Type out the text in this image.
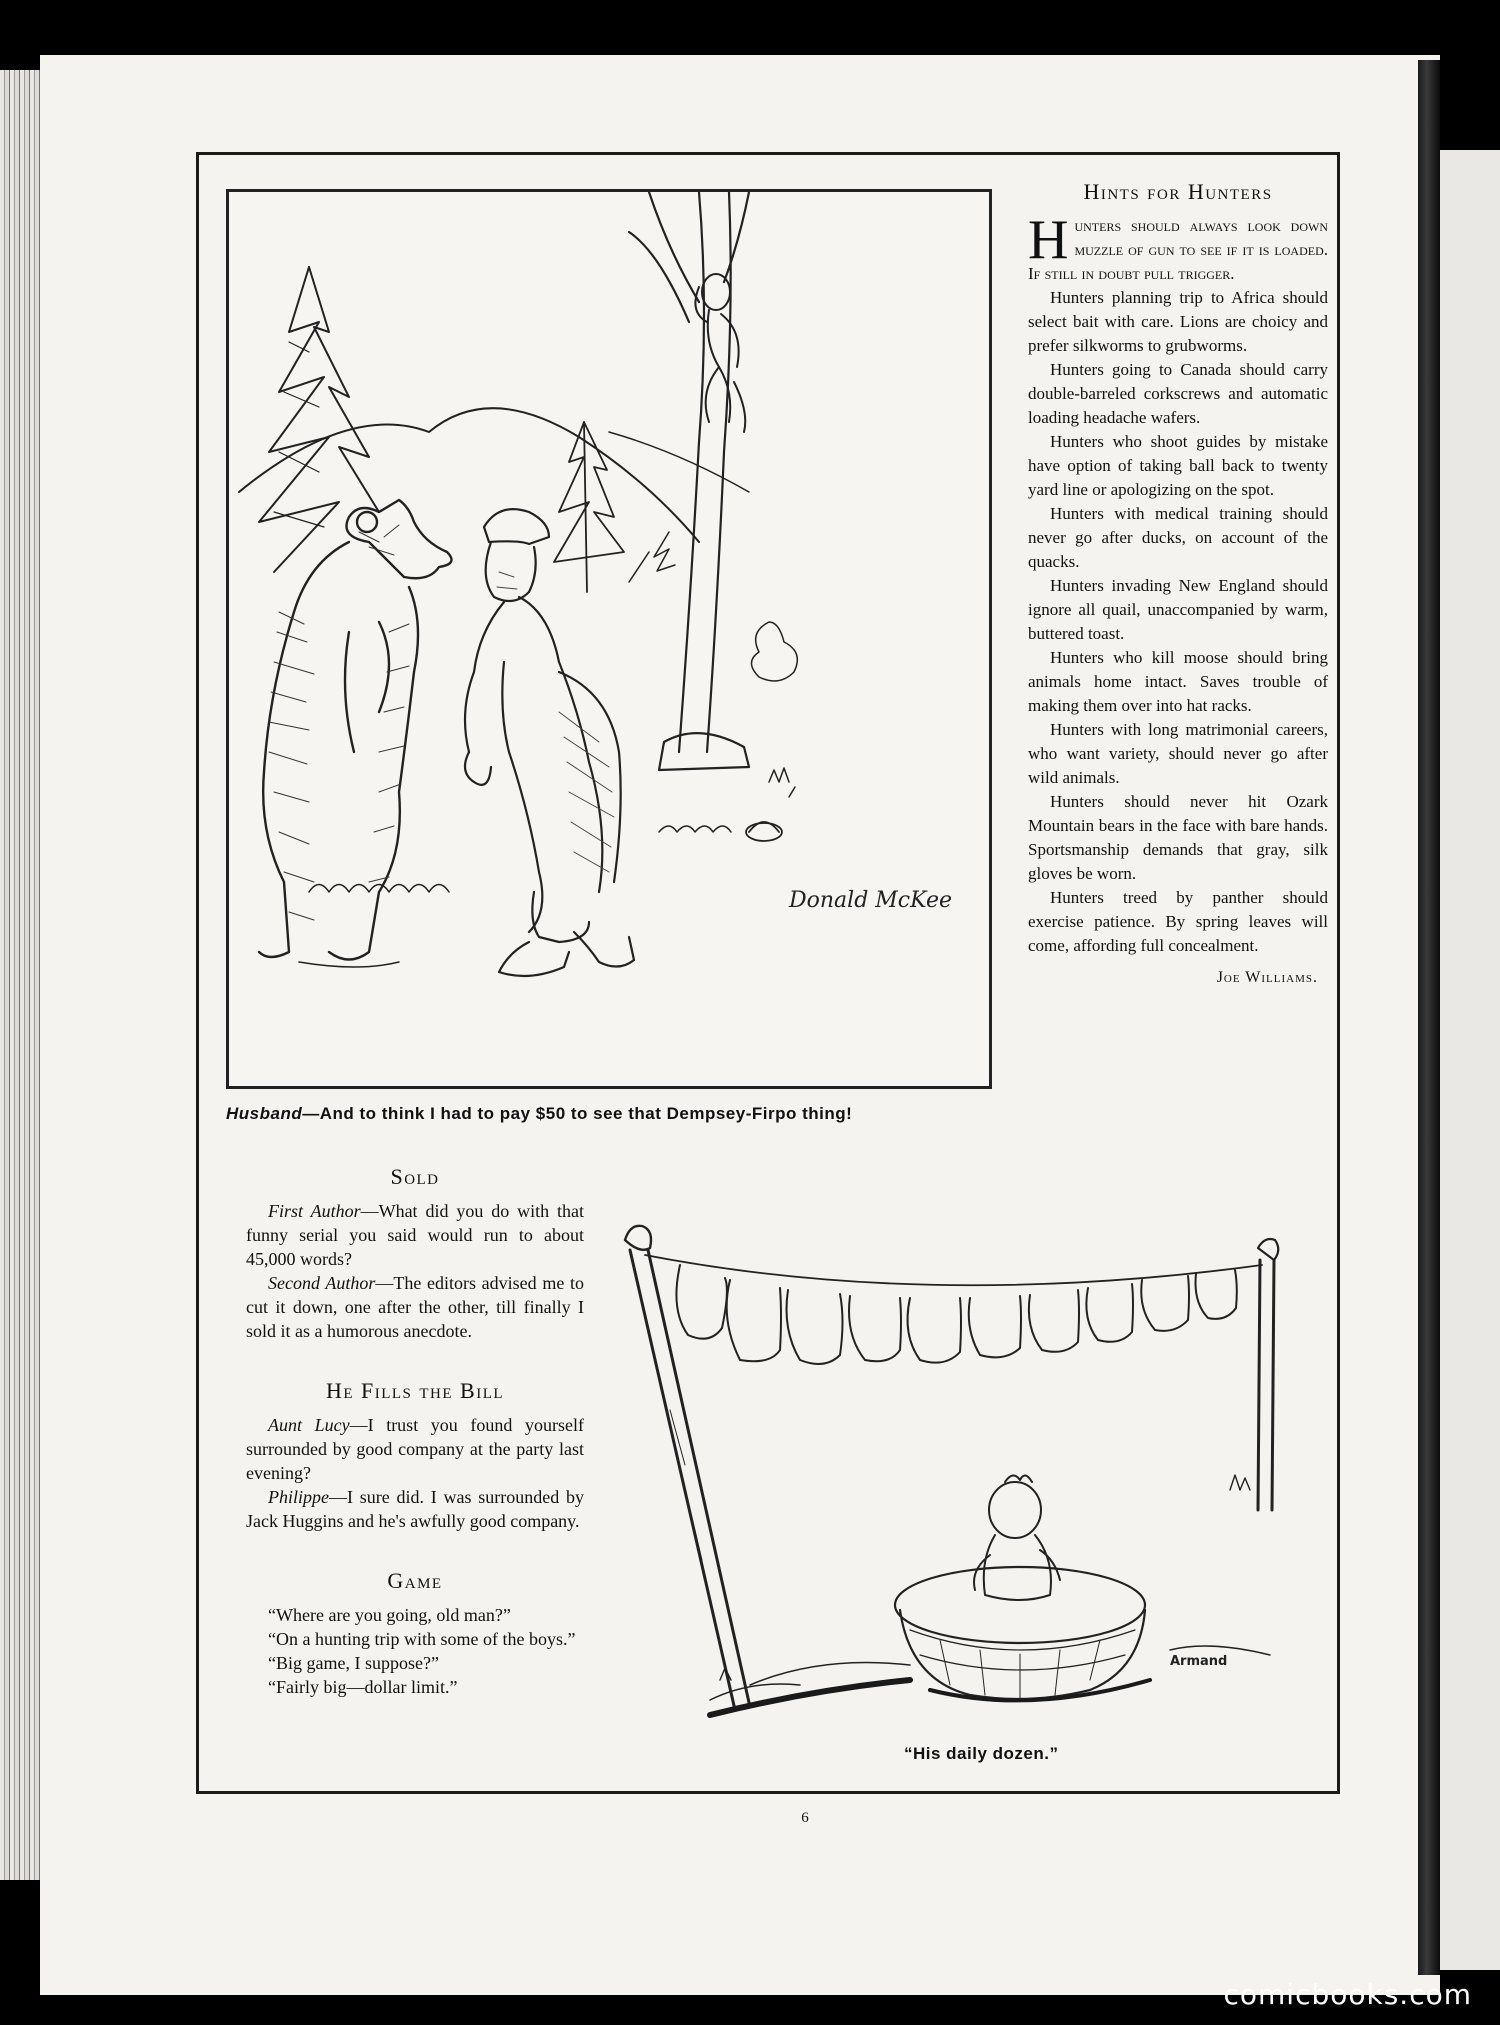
Donald McKee
Husband—And to think I had to pay $50 to see that Dempsey-Firpo thing!
Hints for Hunters

Hunters should always look down muzzle of gun to see if it is loaded. If still in doubt pull trigger.

Hunters planning trip to Africa should select bait with care. Lions are choicy and prefer silkworms to grubworms.

Hunters going to Canada should carry double-barreled corkscrews and automatic loading headache wafers.

Hunters who shoot guides by mistake have option of taking ball back to twenty yard line or apologizing on the spot.

Hunters with medical training should never go after ducks, on account of the quacks.

Hunters invading New England should ignore all quail, unaccompanied by warm, buttered toast.

Hunters who kill moose should bring animals home intact. Saves trouble of making them over into hat racks.

Hunters with long matrimonial careers, who want variety, should never go after wild animals.

Hunters should never hit Ozark Mountain bears in the face with bare hands. Sportsmanship demands that gray, silk gloves be worn.

Hunters treed by panther should exercise patience. By spring leaves will come, affording full concealment.

Joe Williams.
Sold

First Author—What did you do with that funny serial you said would run to about 45,000 words?

Second Author—The editors advised me to cut it down, one after the other, till finally I sold it as a humorous anecdote.

He Fills the Bill

Aunt Lucy—I trust you found yourself surrounded by good company at the party last evening?

Philippe—I sure did. I was surrounded by Jack Huggins and he's awfully good company.

Game

“Where are you going, old man?”

“On a hunting trip with some of the boys.”

“Big game, I suppose?”

“Fairly big—dollar limit.”

Armand
“His daily dozen.”
6
comicbooks.com
